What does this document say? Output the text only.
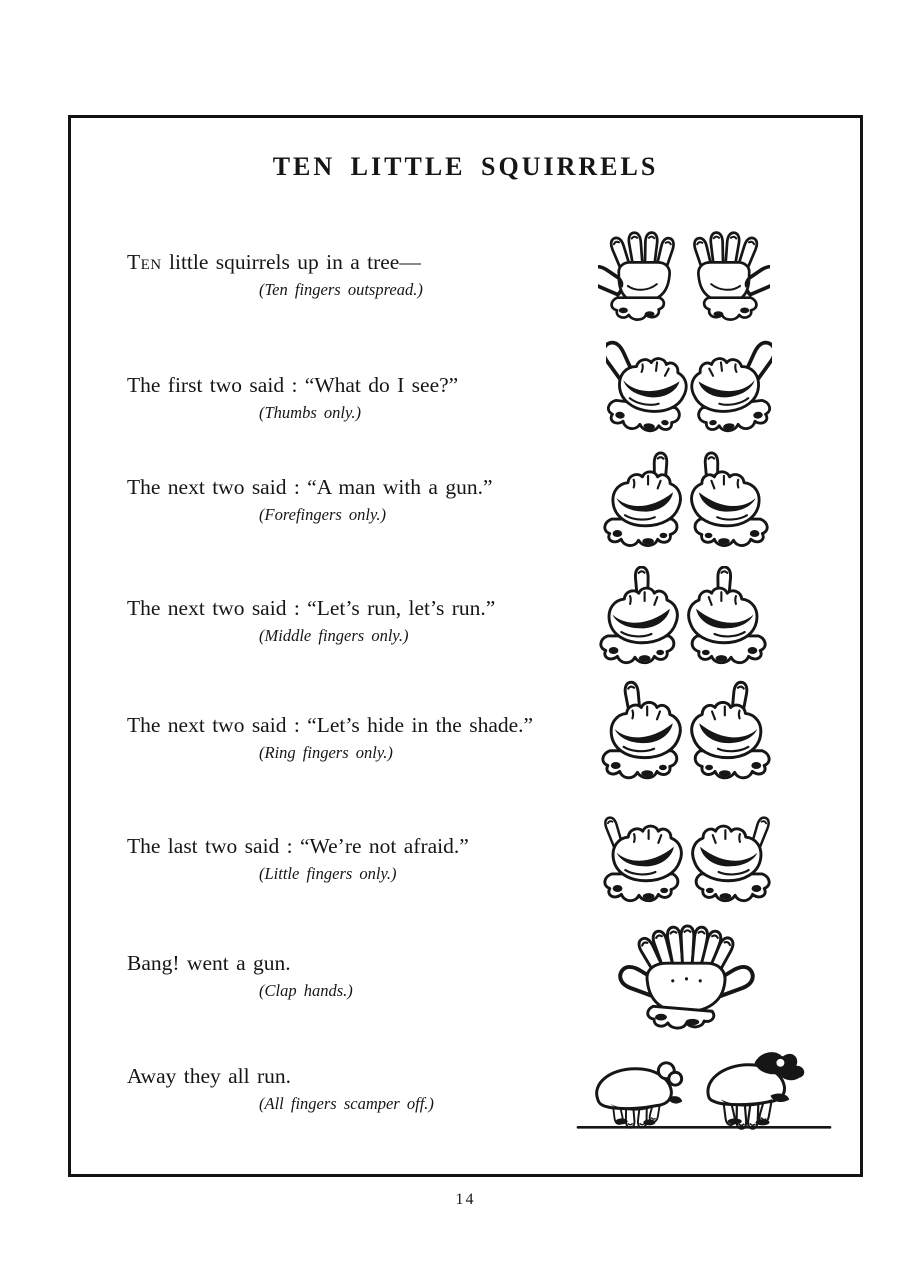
TEN LITTLE SQUIRRELS
Ten little squirrels up in a tree—
(Ten fingers outspread.)
The first two said : “What do I see?”
(Thumbs only.)
The next two said : “A man with a gun.”
(Forefingers only.)
The next two said : “Let’s run, let’s run.”
(Middle fingers only.)
The next two said : “Let’s hide in the shade.”
(Ring fingers only.)
The last two said : “We’re not afraid.”
(Little fingers only.)
Bang! went a gun.
(Clap hands.)
Away they all run.
(All fingers scamper off.)
14
